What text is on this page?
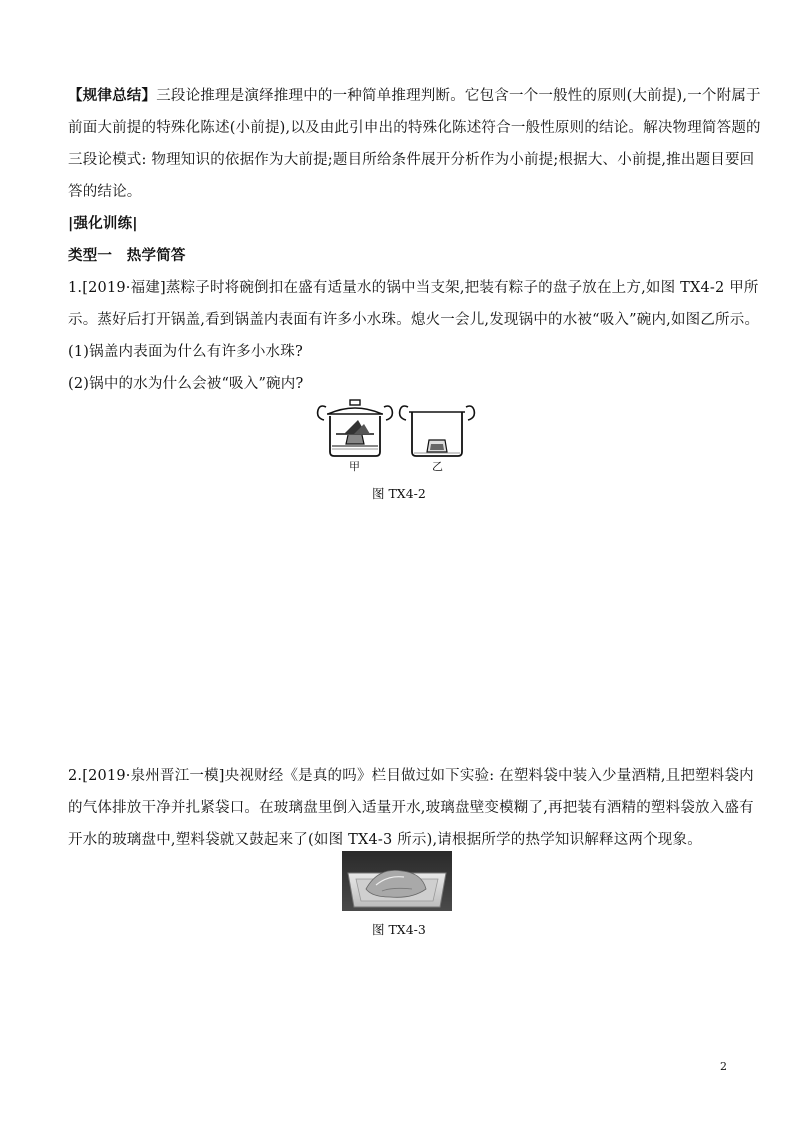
【规律总结】三段论推理是演绎推理中的一种简单推理判断。它包含一个一般性的原则(大前提),一个附属于
前面大前提的特殊化陈述(小前提),以及由此引申出的特殊化陈述符合一般性原则的结论。解决物理简答题的
三段论模式: 物理知识的依据作为大前提;题目所给条件展开分析作为小前提;根据大、小前提,推出题目要回
答的结论。
|强化训练|
类型一　热学简答
1.[2019·福建]蒸粽子时将碗倒扣在盛有适量水的锅中当支架,把装有粽子的盘子放在上方,如图 TX4-2 甲所
示。蒸好后打开锅盖,看到锅盖内表面有许多小水珠。熄火一会儿,发现锅中的水被“吸入”碗内,如图乙所示。
(1)锅盖内表面为什么有许多小水珠?
(2)锅中的水为什么会被“吸入”碗内?
甲	乙
图 TX4-2
2.[2019·泉州晋江一模]央视财经《是真的吗》栏目做过如下实验: 在塑料袋中装入少量酒精,且把塑料袋内
的气体排放干净并扎紧袋口。在玻璃盘里倒入适量开水,玻璃盘壁变模糊了,再把装有酒精的塑料袋放入盛有
开水的玻璃盘中,塑料袋就又鼓起来了(如图 TX4-3 所示),请根据所学的热学知识解释这两个现象。
图 TX4-3
2
